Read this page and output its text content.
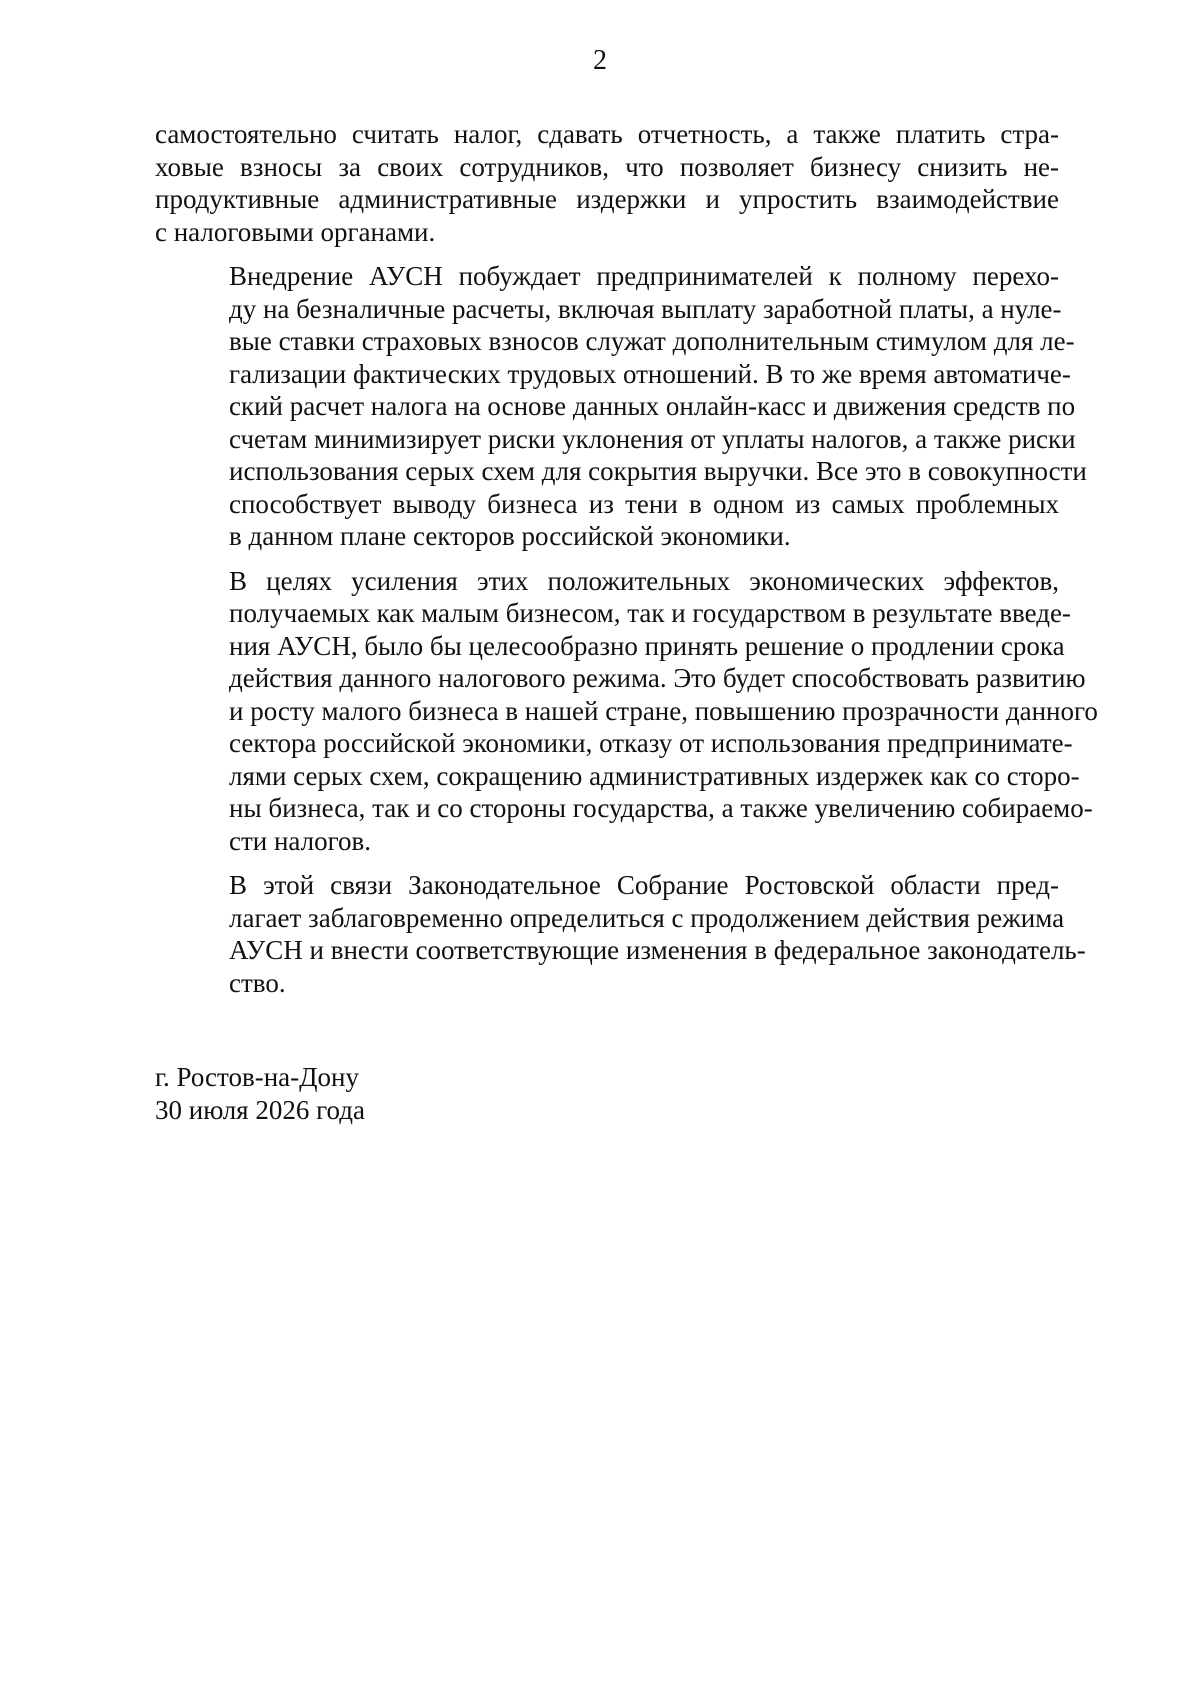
2

самостоятельно считать налог, сдавать отчетность, а также платить стра-
ховые взносы за своих сотрудников, что позволяет бизнесу снизить не-
продуктивные административные издержки и упростить взаимодействие
с налоговыми органами.

Внедрение АУСН побуждает предпринимателей к полному перехо-
ду на безналичные расчеты, включая выплату заработной платы, а нуле-
вые ставки страховых взносов служат дополнительным стимулом для ле-
гализации фактических трудовых отношений. В то же время автоматиче-
ский расчет налога на основе данных онлайн-касс и движения средств по
счетам минимизирует риски уклонения от уплаты налогов, а также риски
использования серых схем для сокрытия выручки. Все это в совокупности
способствует выводу бизнеса из тени в одном из самых проблемных
в данном плане секторов российской экономики.

В целях усиления этих положительных экономических эффектов,
получаемых как малым бизнесом, так и государством в результате введе-
ния АУСН, было бы целесообразно принять решение о продлении срока
действия данного налогового режима. Это будет способствовать развитию
и росту малого бизнеса в нашей стране, повышению прозрачности данного
сектора российской экономики, отказу от использования предпринимате-
лями серых схем, сокращению административных издержек как со сторо-
ны бизнеса, так и со стороны государства, а также увеличению собираемо-
сти налогов.

В этой связи Законодательное Собрание Ростовской области пред-
лагает заблаговременно определиться с продолжением действия режима
АУСН и внести соответствующие изменения в федеральное законодатель-
ство.

г. Ростов-на-Дону
30 июля 2026 года
